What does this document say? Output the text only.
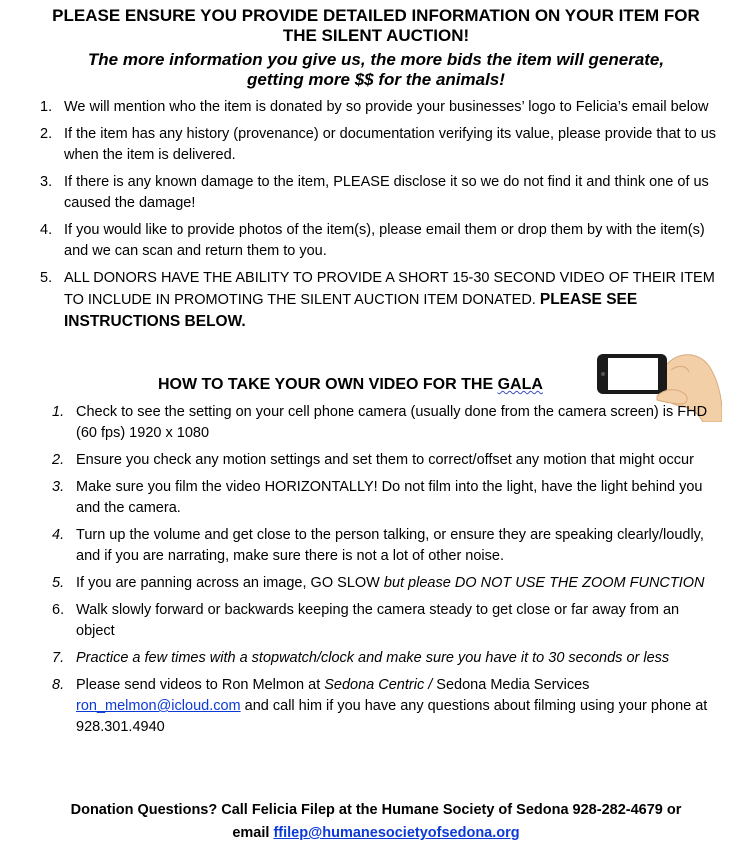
PLEASE ENSURE YOU PROVIDE DETAILED INFORMATION ON YOUR ITEM FOR
THE SILENT AUCTION!
The more information you give us, the more bids the item will generate,
getting more $$ for the animals!
1. We will mention who the item is donated by so provide your businesses’ logo to Felicia’s email below
2. If the item has any history (provenance) or documentation verifying its value, please provide that to us when the item is delivered.
3. If there is any known damage to the item, PLEASE disclose it so we do not find it and think one of us caused the damage!
4. If you would like to provide photos of the item(s), please email them or drop them by with the item(s) and we can scan and return them to you.
5. ALL DONORS HAVE THE ABILITY TO PROVIDE A SHORT 15-30 SECOND VIDEO OF THEIR ITEM TO INCLUDE IN PROMOTING THE SILENT AUCTION ITEM DONATED. PLEASE SEE INSTRUCTIONS BELOW.
HOW TO TAKE YOUR OWN VIDEO FOR THE GALA
1. Check to see the setting on your cell phone camera (usually done from the camera screen) is FHD (60 fps) 1920 x 1080
2. Ensure you check any motion settings and set them to correct/offset any motion that might occur
3. Make sure you film the video HORIZONTALLY! Do not film into the light, have the light behind you and the camera.
4. Turn up the volume and get close to the person talking, or ensure they are speaking clearly/loudly, and if you are narrating, make sure there is not a lot of other noise.
5. If you are panning across an image, GO SLOW but please DO NOT USE THE ZOOM FUNCTION
6. Walk slowly forward or backwards keeping the camera steady to get close or far away from an object
7. Practice a few times with a stopwatch/clock and make sure you have it to 30 seconds or less
8. Please send videos to Ron Melmon at Sedona Centric / Sedona Media Services
ron_melmon@icloud.com and call him if you have any questions about filming using your phone at 928.301.4940
Donation Questions? Call Felicia Filep at the Humane Society of Sedona 928-282-4679 or
email ffilep@humanesocietyofsedona.org
